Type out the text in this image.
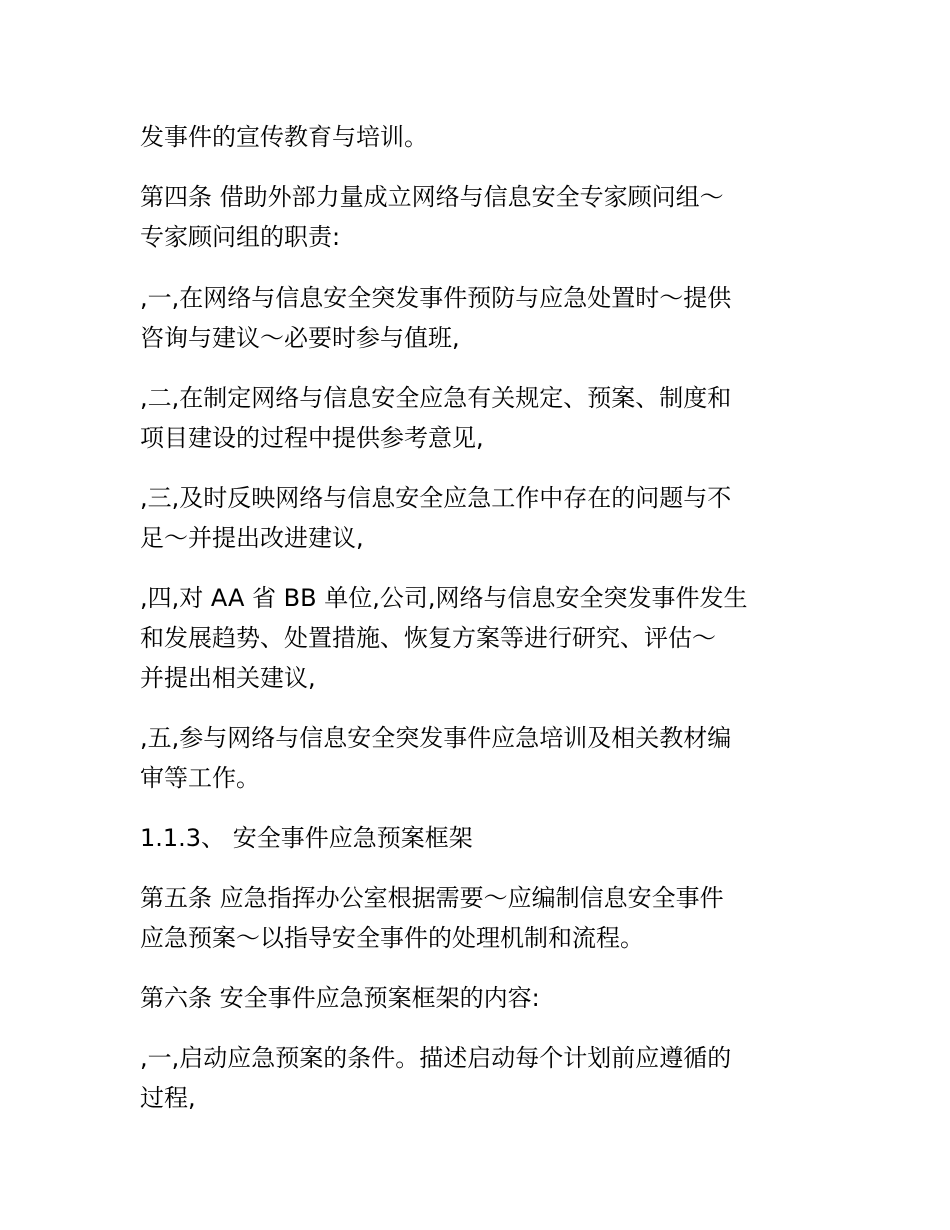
发事件的宣传教育与培训。

第四条 借助外部力量成立网络与信息安全专家顾问组～
专家顾问组的职责:

,一,在网络与信息安全突发事件预防与应急处置时～提供
咨询与建议～必要时参与值班,

,二,在制定网络与信息安全应急有关规定、预案、制度和
项目建设的过程中提供参考意见,

,三,及时反映网络与信息安全应急工作中存在的问题与不
足～并提出改进建议,

,四,对 AA 省 BB 单位,公司,网络与信息安全突发事件发生
和发展趋势、处置措施、恢复方案等进行研究、评估～
并提出相关建议,

,五,参与网络与信息安全突发事件应急培训及相关教材编
审等工作。

1.1.3、 安全事件应急预案框架

第五条 应急指挥办公室根据需要～应编制信息安全事件
应急预案～以指导安全事件的处理机制和流程。

第六条 安全事件应急预案框架的内容:

,一,启动应急预案的条件。描述启动每个计划前应遵循的
过程,
